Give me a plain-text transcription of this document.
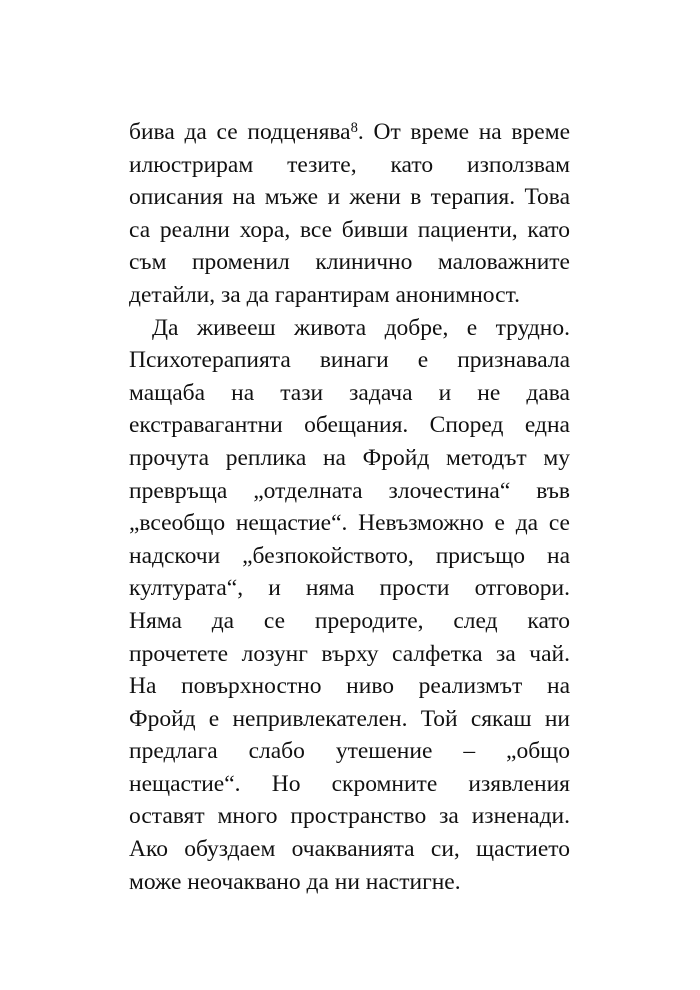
бива да се подценява$^8$. От време на време
илюстрирам тезите, като използвам
описания на мъже и жени в терапия. Това
са реални хора, все бивши пациенти, като
съм променил клинично маловажните
детайли, за да гарантирам анонимност.
Да живееш живота добре, е трудно.
Психотерапията винаги е признавала
мащаба на тази задача и не дава
екстравагантни обещания. Според една
прочута реплика на Фройд методът му
превръща „отделната злочестина“ във
„всеобщо нещастие“. Невъзможно е да се
надскочи „безпокойството, присъщо на
културата“, и няма прости отговори.
Няма да се преродите, след като
прочетете лозунг върху салфетка за чай.
На повърхностно ниво реализмът на
Фройд е непривлекателен. Той сякаш ни
предлага слабо утешение – „общо
нещастие“. Но скромните изявления
оставят много пространство за изненади.
Ако обуздаем очакванията си, щастието
може неочаквано да ни настигне.
